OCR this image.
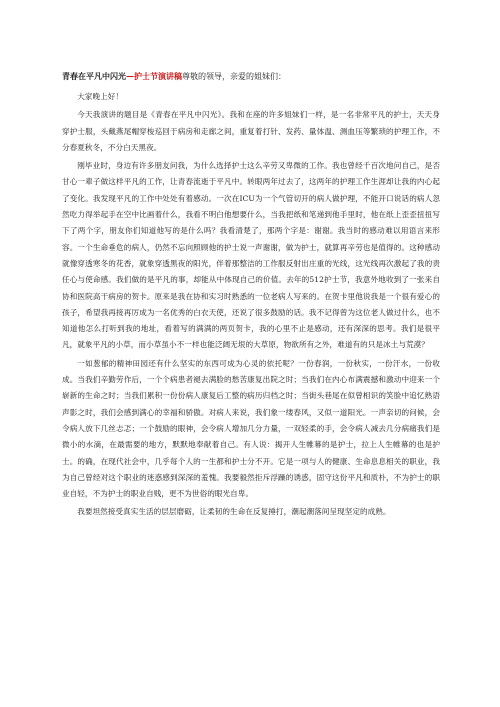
青春在平凡中闪光—护士节演讲稿尊敬的领导，亲爱的姐妹们：

大家晚上好！

今天我演讲的题目是《青春在平凡中闪光》。我和在座的许多姐妹们一样，是一名非常平凡的护士，天天身穿护士服，头戴燕尾帽穿梭巡回于病房和走廊之间，重复着打针、发药、量体温、测血压等繁琐的护理工作，不分春夏秋冬，不分白天黑夜。

刚毕业时，身边有许多朋友问我，为什么选择护士这么辛劳又卑微的工作。我也曾经千百次地问自己，是否甘心一辈子做这样平凡的工作，让青春流逝于平凡中。转眼两年过去了，这两年的护理工作生涯却让我的内心起了变化。我发现平凡的工作中处处有着感动。一次在ICU为一个气管切开的病人做护理，不能开口说话的病人忽然吃力得举起手在空中比画着什么，我看不明白他想要什么，当我把纸和笔递到他手里时，他在纸上歪歪扭扭写下了两个字，朋友你们知道他写的是什么吗？我看清楚了，那两个字是：谢谢。我当时的感动难以用语言来形容。一个生命垂危的病人，仍然不忘向照顾他的护士说一声谢谢，做为护士，就算再辛劳也是值得的。这种感动就像穿透寒冬的花香，就象穿透黑夜的阳光，伴着那整洁的工作服反射出庄重的光线，这光线再次激起了我的责任心与使命感。我们做的是平凡的事，却能从中体现自己的价值。去年的512护士节，我意外地收到了一张来自协和医院高干病房的贺卡。原来是我在协和实习时熟悉的一位老病人写来的。在贺卡里他说我是一个很有爱心的孩子，希望我再接再厉成为一名优秀的白衣天使，还说了很多鼓励的话。我不记得曾为这位老人做过什么，也不知道他怎么打听到我的地址，看着写的满满的两页贺卡，我的心里不止是感动，还有深深的思考。我们是很平凡，就象平凡的小草，而小草虽小不一样也能泛阔无垠的大草原，物欲所有之外，难道有的只是冰土与荒漠？

一如葱郁的精神田园还有什么坚实的东西可成为心灵的依托呢？一份春润，一份秋实，一份汗水，一份收成。当我们辛勤劳作后，一个个病患者褪去满脸的愁苦康复出院之时；当我们在内心布满震撼和激动中迎来一个崭新的生命之时；当我们累积一份份病人康复后工整的病历归档之时；当街头巷尾在似曾相识的笑脸中追忆熟语声影之时，我们会感到满心的幸福和骄傲。对病人来说，我们象一缕春风，又似一道阳光。一声亲切的问候，会令病人放下几丝忐忑；一个鼓励的眼神，会令病人增加几分力量，一双轻柔的手，会令病人减去几分病痛我们是微小的水滴，在最需要的地方，默默地奉献着自己。有人说：揭开人生帷幕的是护士，拉上人生帷幕的也是护士。的确，在现代社会中，几乎每个人的一生都和护士分不开。它是一项与人的健康、生命息息相关的职业，我为自己曾经对这个职业的迷惑感到深深的羞愧。我要毅然拒斥浮躁的诱惑，固守这份平凡和质朴，不为护士的职业自轻，不为护士的职业自贱，更不为世俗的眼光自卑。

我要坦然接受真实生活的层层磨砺，让柔韧的生命在反复捶打，潮起潮落间呈现坚定的成熟。
